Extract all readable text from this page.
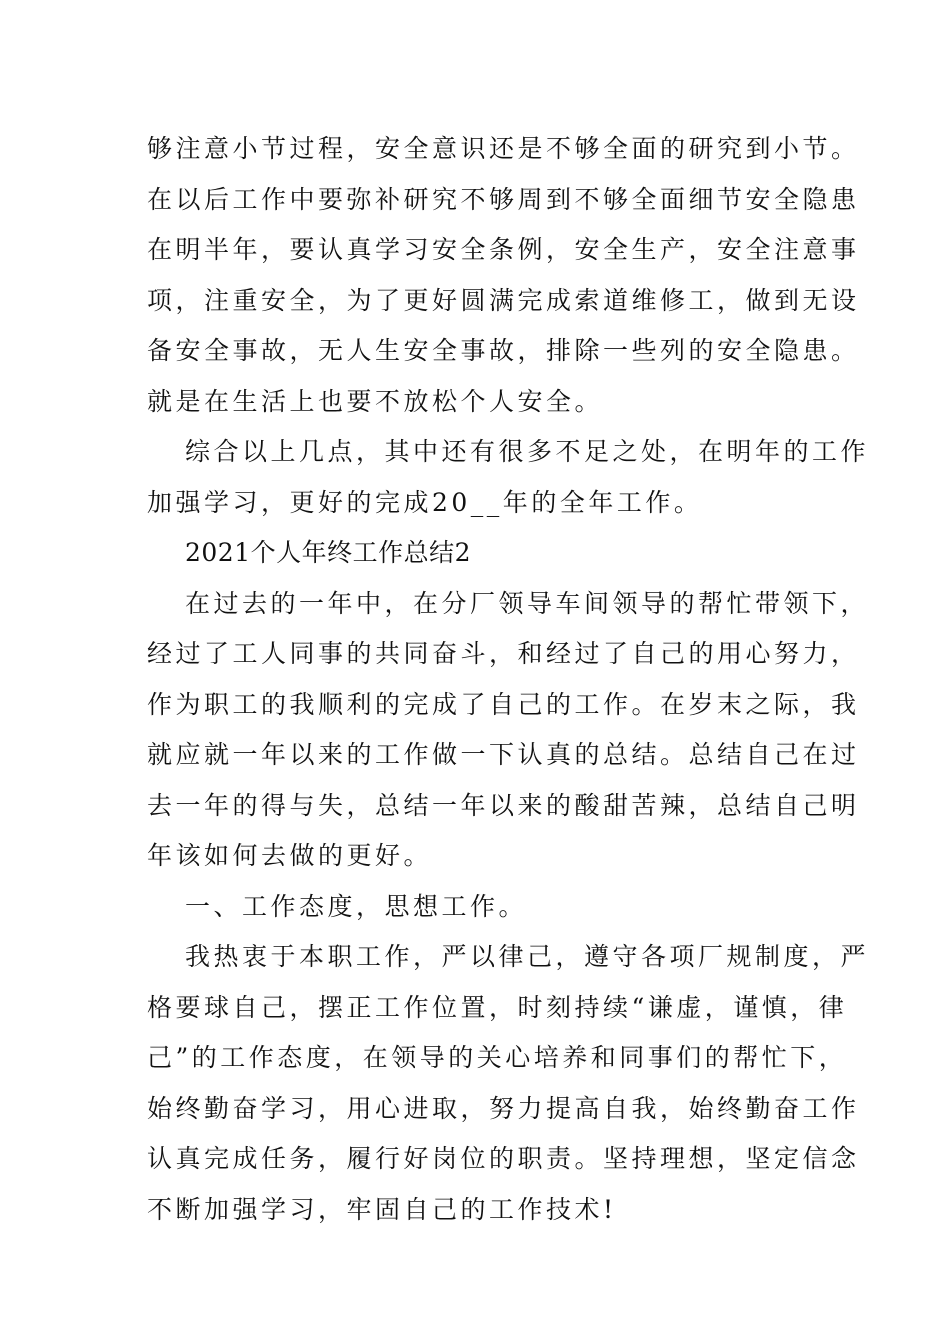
够注意小节过程，安全意识还是不够全面的研究到小节。
在以后工作中要弥补研究不够周到不够全面细节安全隐患
在明半年，要认真学习安全条例，安全生产，安全注意事
项，注重安全，为了更好圆满完成索道维修工，做到无设
备安全事故，无人生安全事故，排除一些列的安全隐患。
就是在生活上也要不放松个人安全。
综合以上几点，其中还有很多不足之处，在明年的工作
加强学习，更好的完成20__年的全年工作。
2021个人年终工作总结2
在过去的一年中，在分厂领导车间领导的帮忙带领下，
经过了工人同事的共同奋斗，和经过了自己的用心努力，
作为职工的我顺利的完成了自己的工作。在岁末之际，我
就应就一年以来的工作做一下认真的总结。总结自己在过
去一年的得与失，总结一年以来的酸甜苦辣，总结自己明
年该如何去做的更好。
一、工作态度，思想工作。
我热衷于本职工作，严以律己，遵守各项厂规制度，严
格要球自己，摆正工作位置，时刻持续“谦虚，谨慎，律
己”的工作态度，在领导的关心培养和同事们的帮忙下，
始终勤奋学习，用心进取，努力提高自我，始终勤奋工作
认真完成任务，履行好岗位的职责。坚持理想，坚定信念
不断加强学习，牢固自己的工作技术!
